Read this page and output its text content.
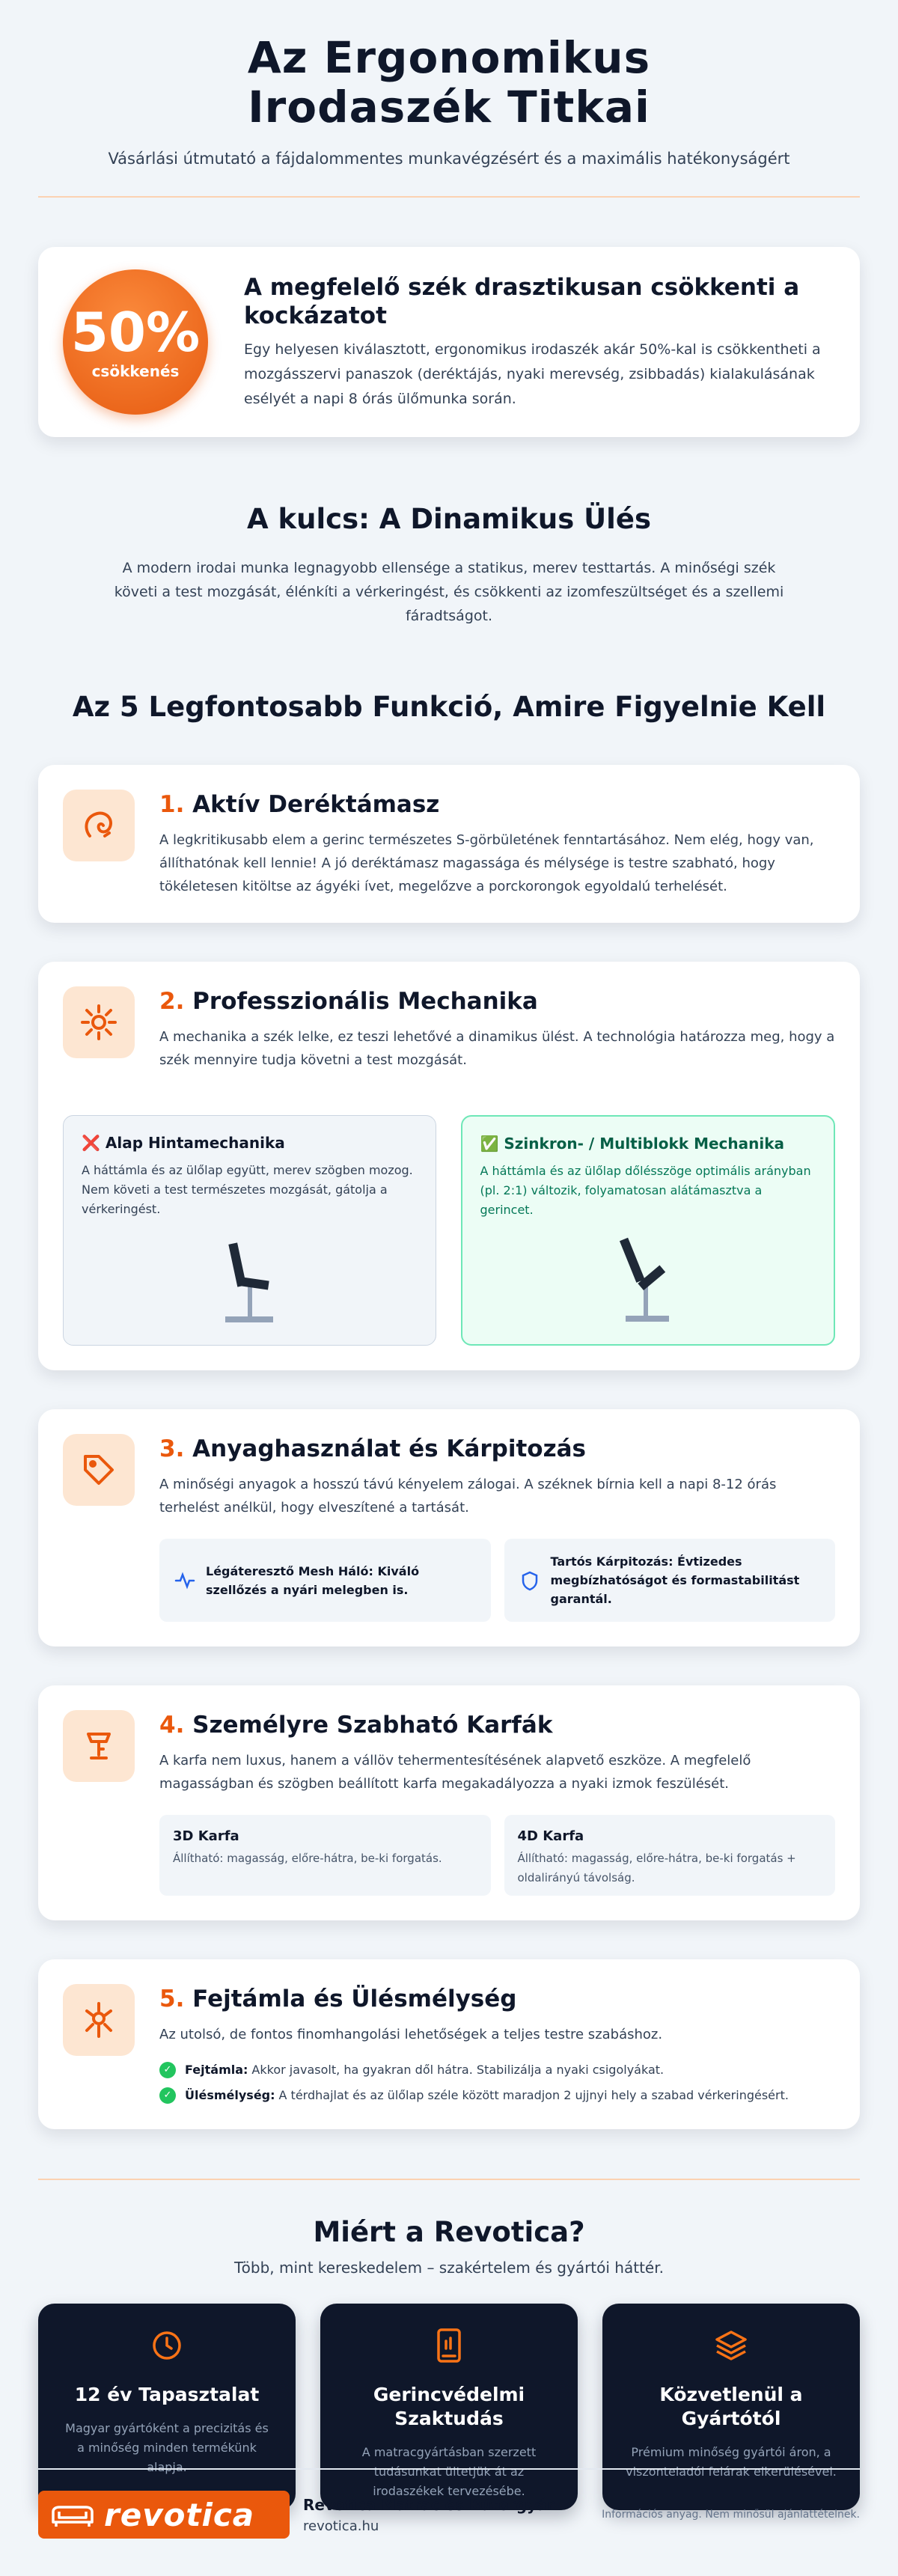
Az Ergonomikus Irodaszék Titkai

Vásárlási útmutató a fájdalommentes munkavégzésért és a maximális hatékonyságért

50%
csökkenés
A megfelelő szék drasztikusan csökkenti a kockázatot

Egy helyesen kiválasztott, ergonomikus irodaszék akár 50%-kal is csökkentheti a mozgásszervi panaszok (deréktájás, nyaki merevség, zsibbadás) kialakulásának esélyét a napi 8 órás ülőmunka során.

A kulcs: A Dinamikus Ülés

A modern irodai munka legnagyobb ellensége a statikus, merev testtartás. A minőségi szék követi a test mozgását, élénkíti a vérkeringést, és csökkenti az izomfeszültséget és a szellemi fáradtságot.

Az 5 Legfontosabb Funkció, Amire Figyelnie Kell
1. Aktív Deréktámasz

A legkritikusabb elem a gerinc természetes S-görbületének fenntartásához. Nem elég, hogy van, állíthatónak kell lennie! A jó deréktámasz magassága és mélysége is testre szabható, hogy tökéletesen kitöltse az ágyéki ívet, megelőzve a porckorongok egyoldalú terhelését.

2. Professzionális Mechanika

A mechanika a szék lelke, ez teszi lehetővé a dinamikus ülést. A technológia határozza meg, hogy a szék mennyire tudja követni a test mozgását.

❌ Alap Hintamechanika

A háttámla és az ülőlap együtt, merev szögben mozog. Nem követi a test természetes mozgását, gátolja a vérkeringést.

✅ Szinkron- / Multiblokk Mechanika

A háttámla és az ülőlap dőlésszöge optimális arányban (pl. 2:1) változik, folyamatosan alátámasztva a gerincet.

3. Anyaghasználat és Kárpitozás

A minőségi anyagok a hosszú távú kényelem zálogai. A széknek bírnia kell a napi 8-12 órás terhelést anélkül, hogy elveszítené a tartását.

Légáteresztő Mesh Háló: Kiváló szellőzés a nyári melegben is.
Tartós Kárpitozás: Évtizedes megbízhatóságot és formastabilitást garantál.
4. Személyre Szabható Karfák

A karfa nem luxus, hanem a vállöv tehermentesítésének alapvető eszköze. A megfelelő magasságban és szögben beállított karfa megakadályozza a nyaki izmok feszülését.

3D Karfa

Állítható: magasság, előre-hátra, be-ki forgatás.

4D Karfa

Állítható: magasság, előre-hátra, be-ki forgatás + oldalirányú távolság.

5. Fejtámla és Ülésmélység

Az utolsó, de fontos finomhangolási lehetőségek a teljes testre szabáshoz.

✓	Fejtámla: Akkor javasolt, ha gyakran dől hátra. Stabilizálja a nyaki csigolyákat.
✓	Ülésmélység: A térdhajlat és az ülőlap széle között maradjon 2 ujjnyi hely a szabad vérkeringésért.
Miért a Revotica?

Több, mint kereskedelem – szakértelem és gyártói háttér.

12 év Tapasztalat

Magyar gyártóként a precizitás és a minőség minden termékünk alapja.

Gerincvédelmi Szaktudás

A matracgyártásban szerzett tudásunkat ültetjük át az irodaszékek tervezésébe.

Közvetlenül a Gyártótól

Prémium minőség gyártói áron, a viszonteladói felárak elkerülésével.

revotica	Revotica Matrac és Bútorgyár
revotica.hu
Információs anyag. Nem minősül ajánlattételnek.
